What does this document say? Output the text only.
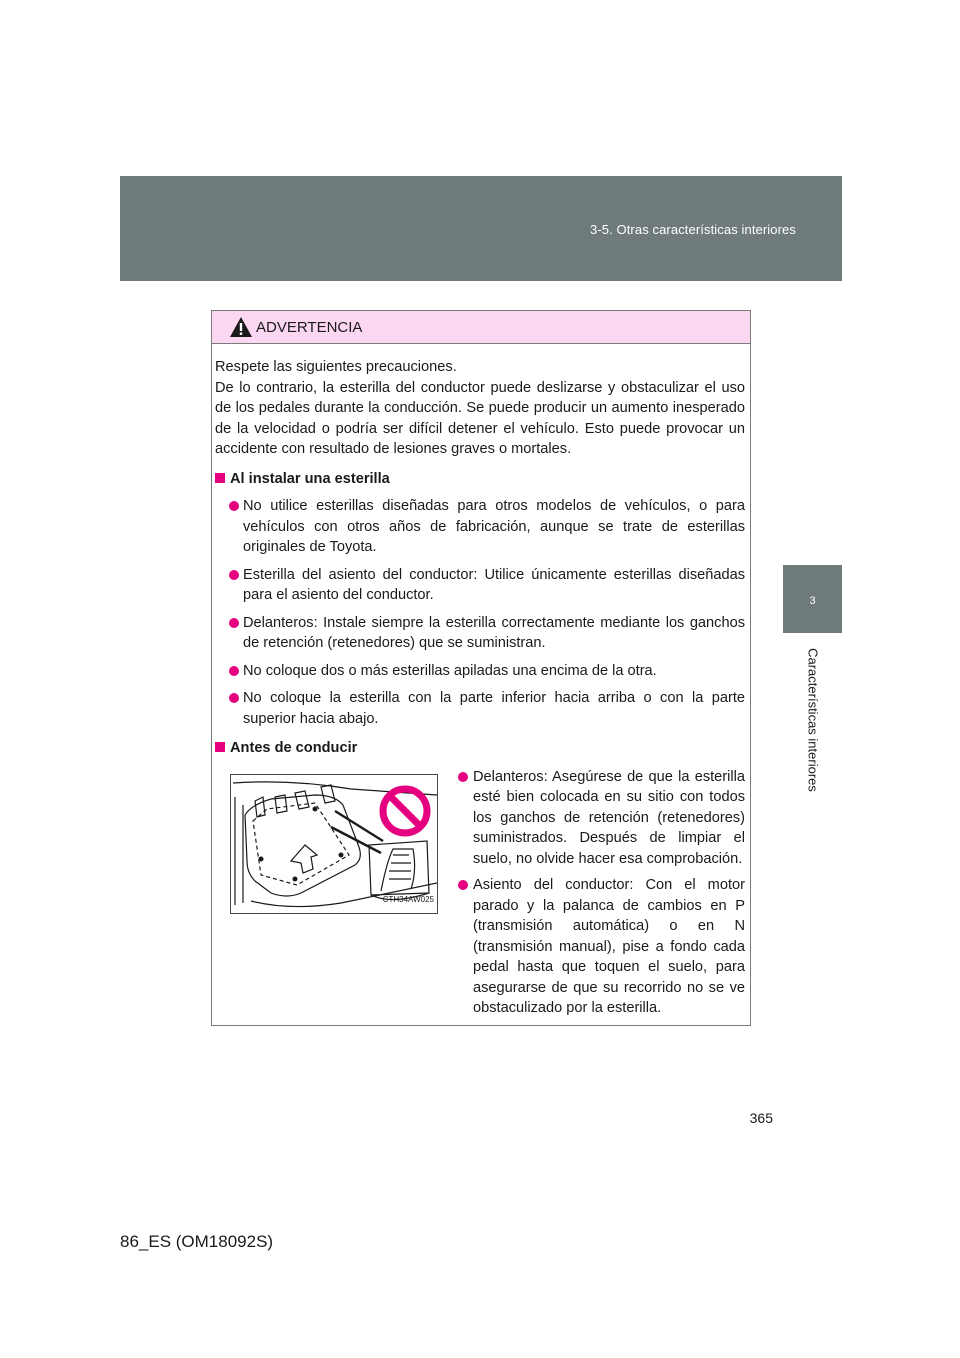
3-5. Otras características interiores
3
Características interiores
ADVERTENCIA

Respete las siguientes precauciones.

De lo contrario, la esterilla del conductor puede deslizarse y obstaculizar el uso de los pedales durante la conducción. Se puede producir un aumento inesperado de la velocidad o podría ser difícil detener el vehículo. Esto puede provocar un accidente con resultado de lesiones graves o mortales.

Al instalar una esterilla
No utilice esterillas diseñadas para otros modelos de vehículos, o para vehículos con otros años de fabricación, aunque se trate de esterillas originales de Toyota.
Esterilla del asiento del conductor: Utilice únicamente esterillas diseñadas para el asiento del conductor.
Delanteros: Instale siempre la esterilla correctamente mediante los ganchos de retención (retenedores) que se suministran.
No coloque dos o más esterillas apiladas una encima de la otra.
No coloque la esterilla con la parte inferior hacia arriba o con la parte superior hacia abajo.
Antes de conducir
CTH34AW025
Delanteros: Asegúrese de que la esterilla esté bien colocada en su sitio con todos los ganchos de retención (retenedores) suministrados. Después de limpiar el suelo, no olvide hacer esa comprobación.
Asiento del conductor: Con el motor parado y la palanca de cambios en P (transmisión automática) o en N (transmisión manual), pise a fondo cada pedal hasta que toquen el suelo, para asegurarse de que su recorrido no se ve obstaculizado por la esterilla.
365
86_ES (OM18092S)
